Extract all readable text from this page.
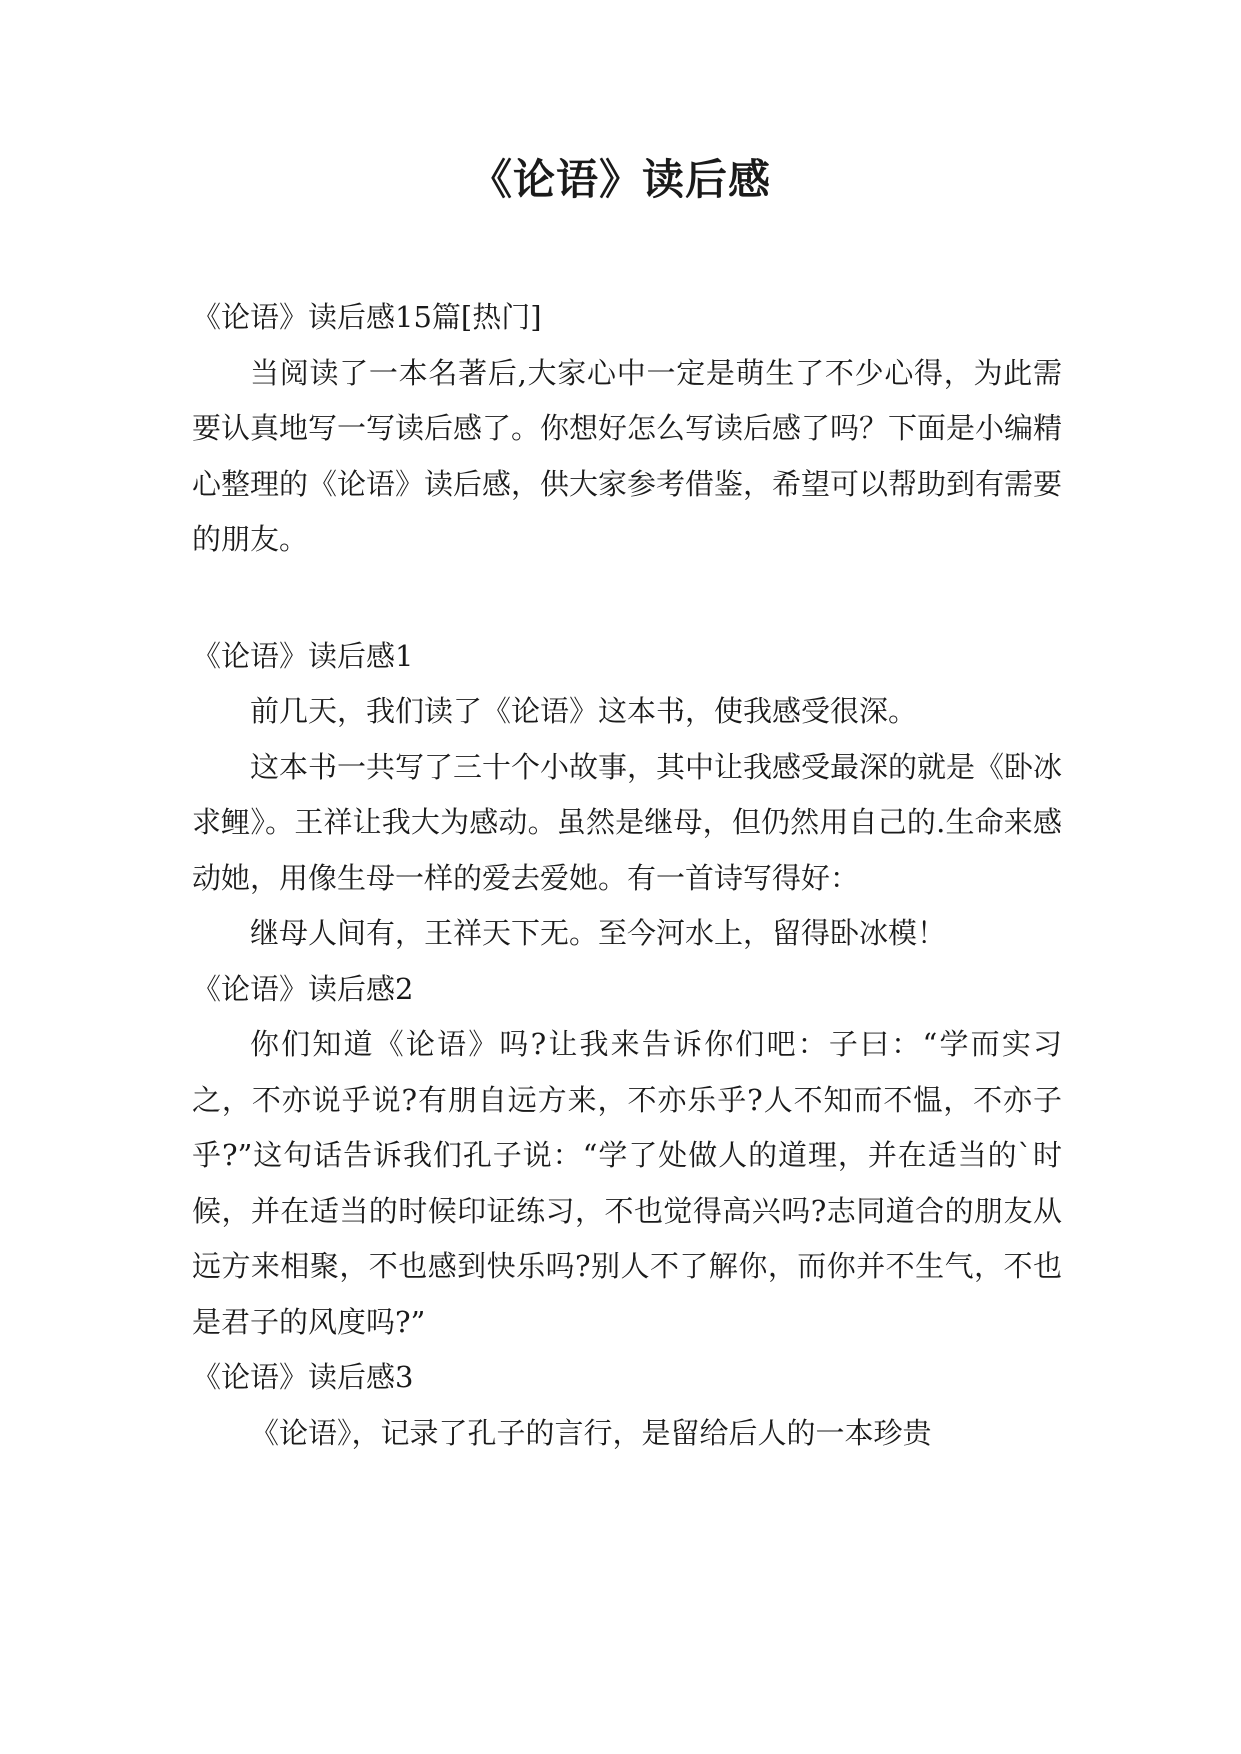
《论语》读后感

《论语》读后感15篇[热门]

当阅读了一本名著后,大家心中一定是萌生了不少心得，为此需要认真地写一写读后感了。你想好怎么写读后感了吗？下面是小编精心整理的《论语》读后感，供大家参考借鉴，希望可以帮助到有需要的朋友。

《论语》读后感1

前几天，我们读了《论语》这本书，使我感受很深。

这本书一共写了三十个小故事，其中让我感受最深的就是《卧冰求鲤》。王祥让我大为感动。虽然是继母，但仍然用自己的.生命来感动她，用像生母一样的爱去爱她。有一首诗写得好：

继母人间有，王祥天下无。至今河水上，留得卧冰模！

《论语》读后感2

你们知道《论语》吗?让我来告诉你们吧：子曰：“学而实习之，不亦说乎说?有朋自远方来，不亦乐乎?人不知而不愠，不亦子乎?”这句话告诉我们孔子说：“学了处做人的道理，并在适当的`时候，并在适当的时候印证练习，不也觉得高兴吗?志同道合的朋友从远方来相聚，不也感到快乐吗?别人不了解你，而你并不生气，不也是君子的风度吗?”

《论语》读后感3

《论语》，记录了孔子的言行，是留给后人的一本珍贵
